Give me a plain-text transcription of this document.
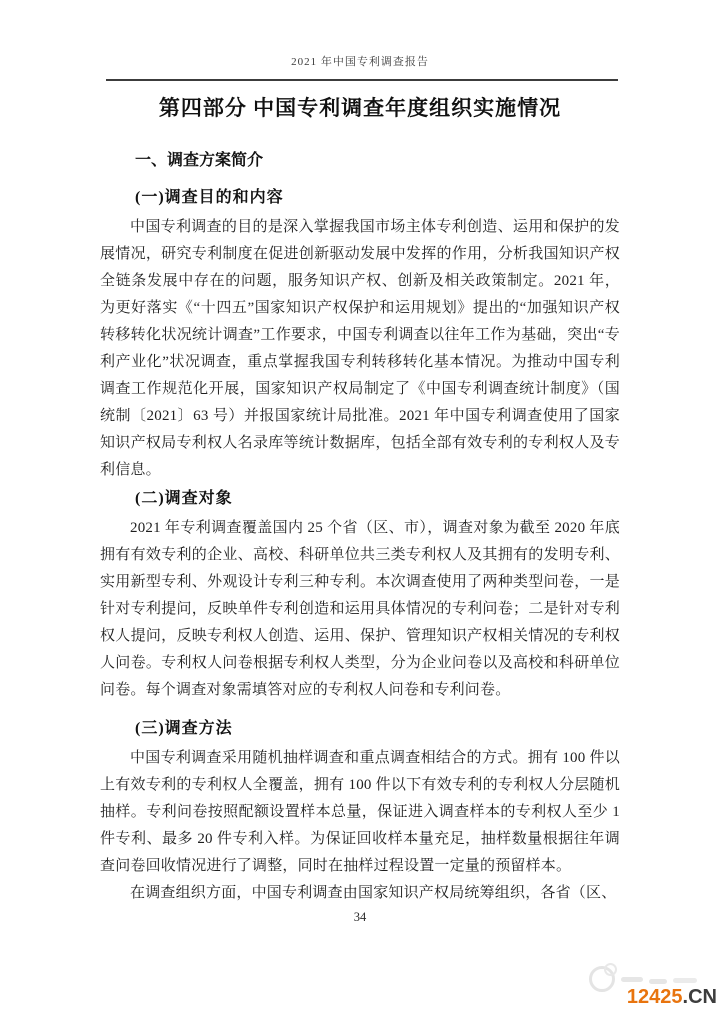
2021 年中国专利调查报告
第四部分 中国专利调查年度组织实施情况
一、调查方案简介
(一)调查目的和内容

中国专利调查的目的是深入掌握我国市场主体专利创造、运用和保护的发展情况，研究专利制度在促进创新驱动发展中发挥的作用，分析我国知识产权全链条发展中存在的问题，服务知识产权、创新及相关政策制定。2021 年，为更好落实《“十四五”国家知识产权保护和运用规划》提出的“加强知识产权转移转化状况统计调查”工作要求，中国专利调查以往年工作为基础，突出“专利产业化”状况调查，重点掌握我国专利转移转化基本情况。为推动中国专利调查工作规范化开展，国家知识产权局制定了《中国专利调查统计制度》（国统制〔2021〕63 号）并报国家统计局批准。2021 年中国专利调查使用了国家知识产权局专利权人名录库等统计数据库，包括全部有效专利的专利权人及专利信息。

(二)调查对象

2021 年专利调查覆盖国内 25 个省（区、市），调查对象为截至 2020 年底拥有有效专利的企业、高校、科研单位共三类专利权人及其拥有的发明专利、实用新型专利、外观设计专利三种专利。本次调查使用了两种类型问卷，一是针对专利提问，反映单件专利创造和运用具体情况的专利问卷；二是针对专利权人提问，反映专利权人创造、运用、保护、管理知识产权相关情况的专利权人问卷。专利权人问卷根据专利权人类型，分为企业问卷以及高校和科研单位问卷。每个调查对象需填答对应的专利权人问卷和专利问卷。

(三)调查方法

中国专利调查采用随机抽样调查和重点调查相结合的方式。拥有 100 件以上有效专利的专利权人全覆盖，拥有 100 件以下有效专利的专利权人分层随机抽样。专利问卷按照配额设置样本总量，保证进入调查样本的专利权人至少 1 件专利、最多 20 件专利入样。为保证回收样本量充足，抽样数量根据往年调查问卷回收情况进行了调整，同时在抽样过程设置一定量的预留样本。

在调查组织方面，中国专利调查由国家知识产权局统筹组织，各省（区、

34
12425.CN
